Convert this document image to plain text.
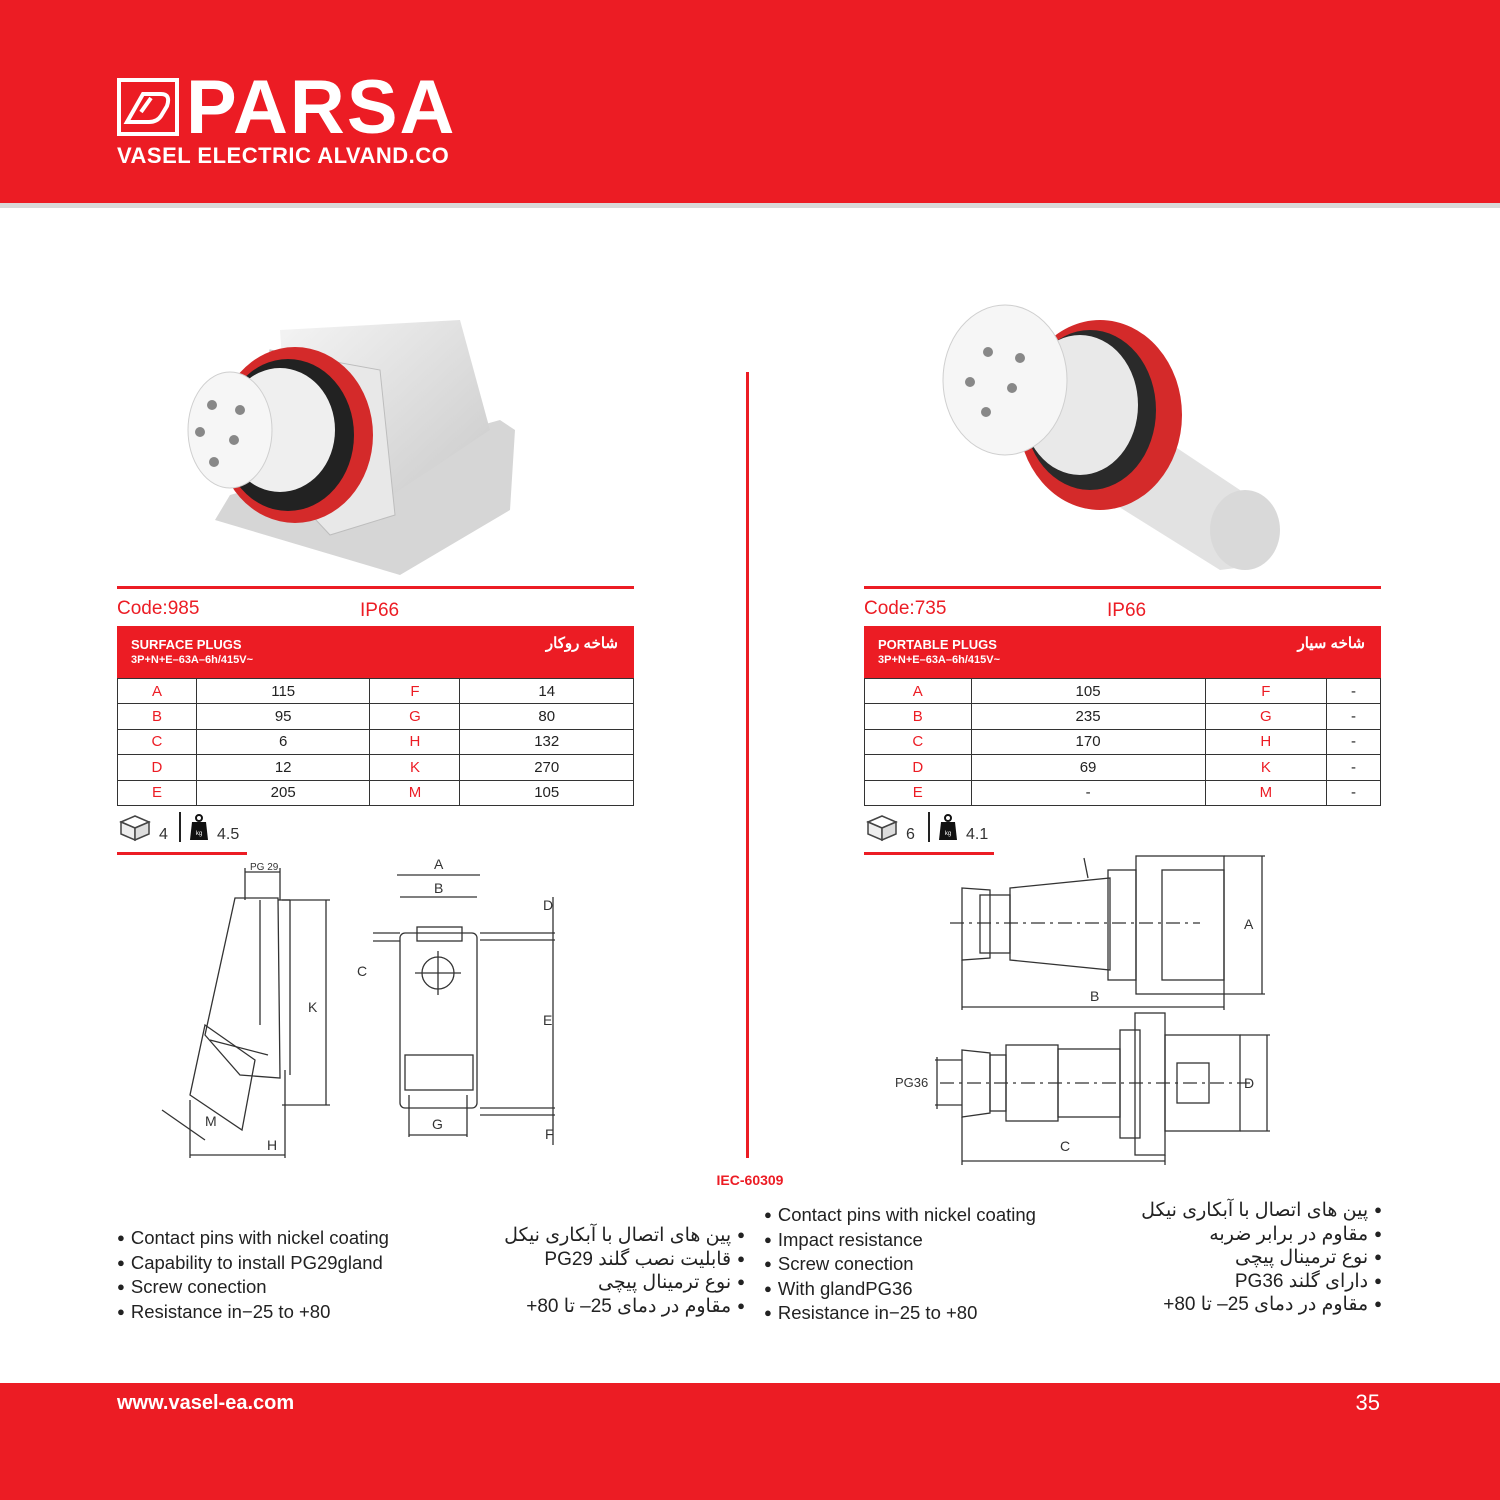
PARSA
VASEL ELECTRIC ALVAND.CO
Code:985	IP66
SURFACE PLUGS
3P+N+E–63A–6h/415V~
شاخه روکار
A	115	F	14
B	95	G	80
C	6	H	132
D	12	K	270
E	205	M	105
4	kg 4.5
PG 29
K
M
H
A
B
C
D
E
F
G
Code:735	IP66
PORTABLE PLUGS
3P+N+E–63A–6h/415V~
شاخه سیار
A	105	F	-
B	235	G	-
C	170	H	-
D	69	K	-
E	-	M	-
6	kg 4.1
A
B
PG36
C
D
IEC-60309
● Contact pins with nickel coating
● Capability to install PG29gland
● Screw conection
● Resistance in−25 to +80
● پین های اتصال با آبکاری نیکل
● قابلیت نصب گلند PG29
● نوع ترمینال پیچی
● مقاوم در دمای 25– تا 80+
● Contact pins with nickel coating
● Impact resistance
● Screw conection
● With glandPG36
● Resistance in−25 to +80
● پین های اتصال با آبکاری نیکل
● مقاوم در برابر ضربه
● نوع ترمینال پیچی
● دارای گلند PG36
● مقاوم در دمای 25– تا 80+
www.vasel-ea.com	35
